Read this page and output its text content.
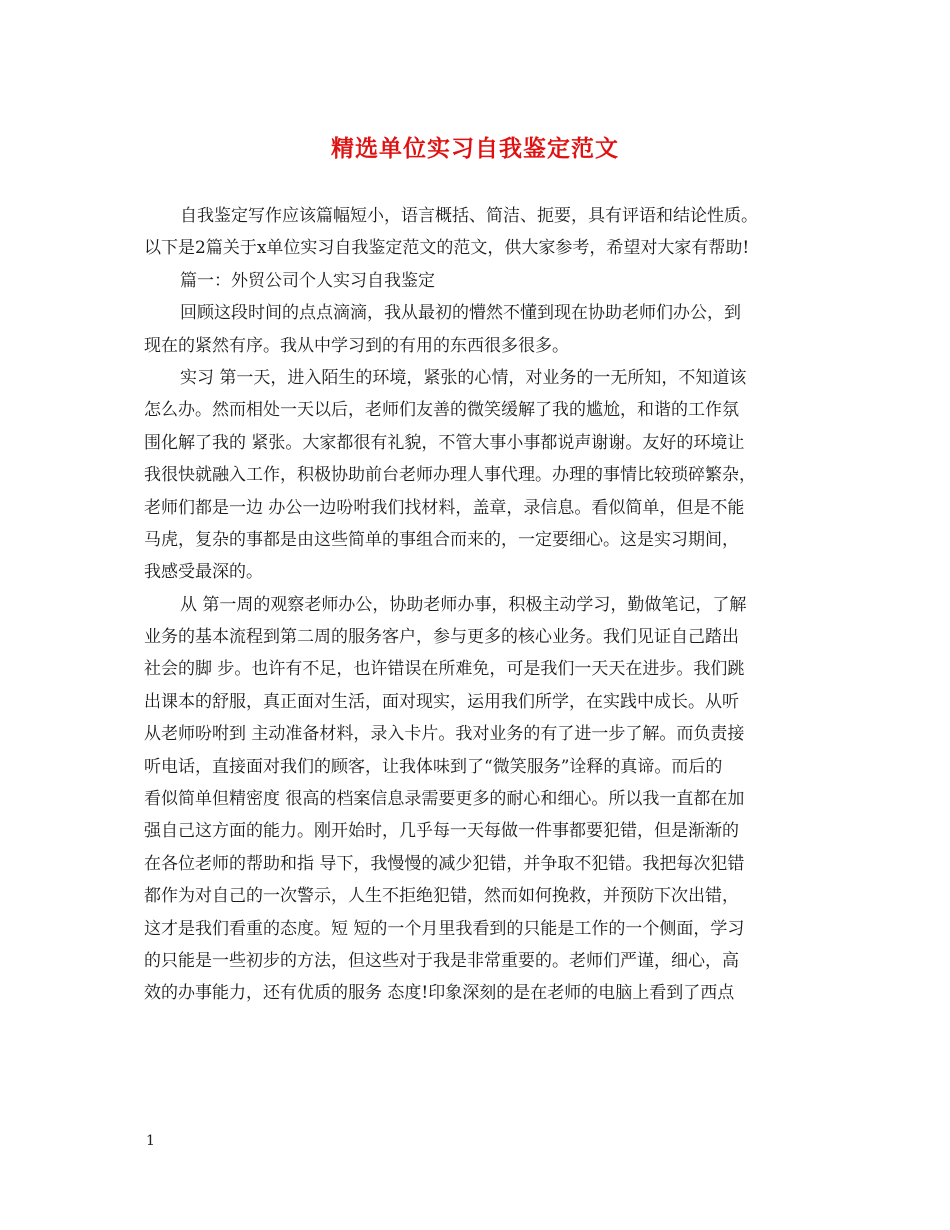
精选单位实习自我鉴定范文
自我鉴定写作应该篇幅短小，语言概括、简洁、扼要，具有评语和结论性质。
以下是2篇关于x单位实习自我鉴定范文的范文，供大家参考，希望对大家有帮助!
篇一：外贸公司个人实习自我鉴定
回顾这段时间的点点滴滴，我从最初的懵然不懂到现在协助老师们办公，到
现在的紧然有序。我从中学习到的有用的东西很多很多。
实习 第一天，进入陌生的环境，紧张的心情，对业务的一无所知，不知道该
怎么办。然而相处一天以后，老师们友善的微笑缓解了我的尴尬，和谐的工作氛
围化解了我的 紧张。大家都很有礼貌，不管大事小事都说声谢谢。友好的环境让
我很快就融入工作，积极协助前台老师办理人事代理。办理的事情比较琐碎繁杂，
老师们都是一边 办公一边吩咐我们找材料，盖章，录信息。看似简单，但是不能
马虎，复杂的事都是由这些简单的事组合而来的，一定要细心。这是实习期间，
我感受最深的。
从 第一周的观察老师办公，协助老师办事，积极主动学习，勤做笔记，了解
业务的基本流程到第二周的服务客户，参与更多的核心业务。我们见证自己踏出
社会的脚 步。也许有不足，也许错误在所难免，可是我们一天天在进步。我们跳
出课本的舒服，真正面对生活，面对现实，运用我们所学，在实践中成长。从听
从老师吩咐到 主动准备材料，录入卡片。我对业务的有了进一步了解。而负责接
听电话，直接面对我们的顾客，让我体味到了“微笑服务”诠释的真谛。而后的
看似简单但精密度 很高的档案信息录需要更多的耐心和细心。所以我一直都在加
强自己这方面的能力。刚开始时，几乎每一天每做一件事都要犯错，但是渐渐的
在各位老师的帮助和指 导下，我慢慢的减少犯错，并争取不犯错。我把每次犯错
都作为对自己的一次警示，人生不拒绝犯错，然而如何挽救，并预防下次出错，
这才是我们看重的态度。短 短的一个月里我看到的只能是工作的一个侧面，学习
的只能是一些初步的方法，但这些对于我是非常重要的。老师们严谨，细心，高
效的办事能力，还有优质的服务 态度!印象深刻的是在老师的电脑上看到了西点
1
